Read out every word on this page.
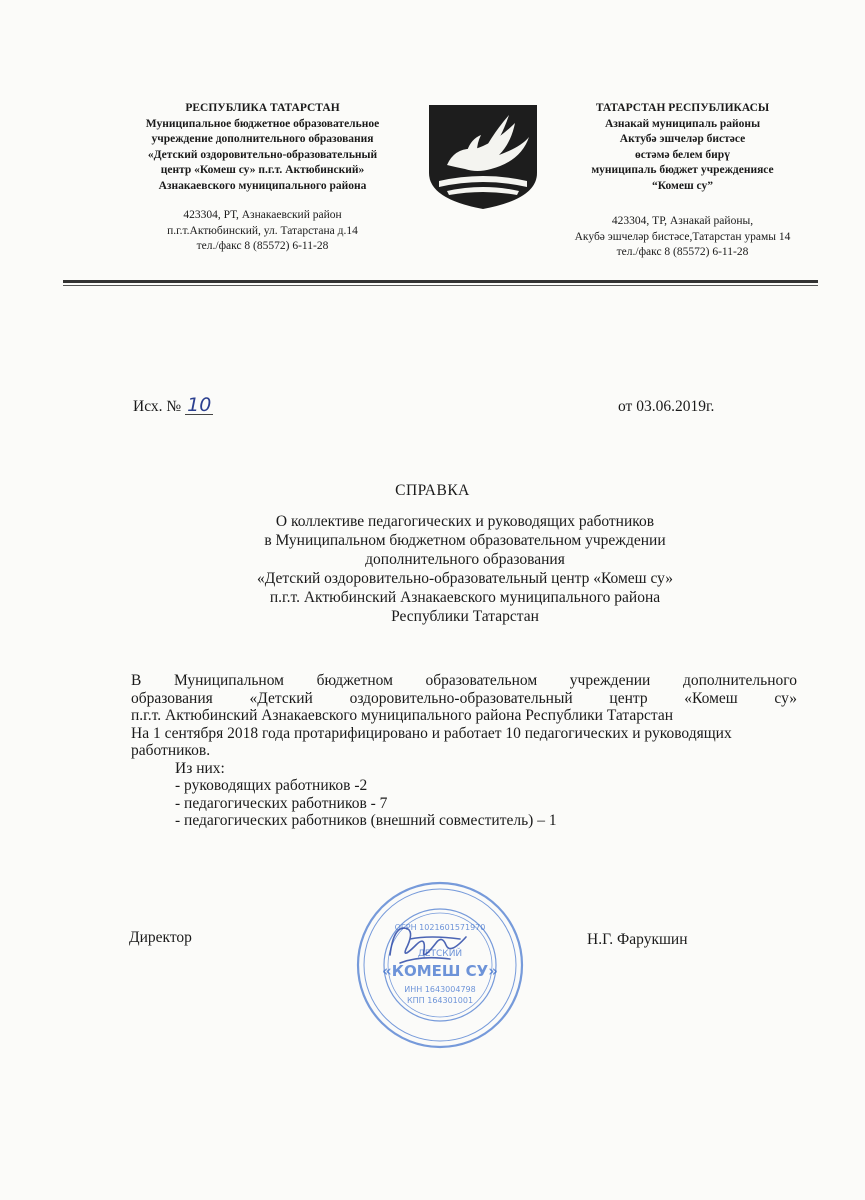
РЕСПУБЛИКА ТАТАРСТАН
Муниципальное бюджетное образовательное
учреждение дополнительного образования
«Детский оздоровительно-образовательный
центр «Комеш су» п.г.т. Актюбинский»
Азнакаевского муниципального района
423304, РТ, Азнакаевский район
п.г.т.Актюбинский, ул. Татарстана д.14
тел./факс 8 (85572) 6-11-28
ТАТАРСТАН РЕСПУБЛИКАСЫ
Азнакай муниципаль районы
Актубә эшчеләр бистәсе
өстәмә белем бирү
муниципаль бюджет учреждениясе
“Комеш су”
423304, ТР, Азнакай районы,
Акубә эшчеләр бистәсе,Татарстан урамы 14
тел./факс 8 (85572) 6-11-28
Исх. № 10	от 03.06.2019г.
СПРАВКА
О коллективе педагогических и руководящих работников
в Муниципальном бюджетном образовательном учреждении
дополнительного образования
«Детский оздоровительно-образовательный центр «Комеш су»
п.г.т. Актюбинский Азнакаевского муниципального района
Республики Татарстан
В Муниципальном бюджетном образовательном учреждении дополнительного
образования «Детский оздоровительно-образовательный центр «Комеш су»
п.г.т. Актюбинский Азнакаевского муниципального района Республики Татарстан
На 1 сентября 2018 года протарифицировано и работает 10 педагогических и руководящих
работников.
Из них:
- руководящих работников -2
- педагогических работников - 7
- педагогических работников (внешний совместитель) – 1
Директор	Н.Г. Фарукшин
ОГРН 1021601571970
ДЕТСКИЙ
«КОМЕШ СУ»
ИНН 1643004798
КПП 164301001
